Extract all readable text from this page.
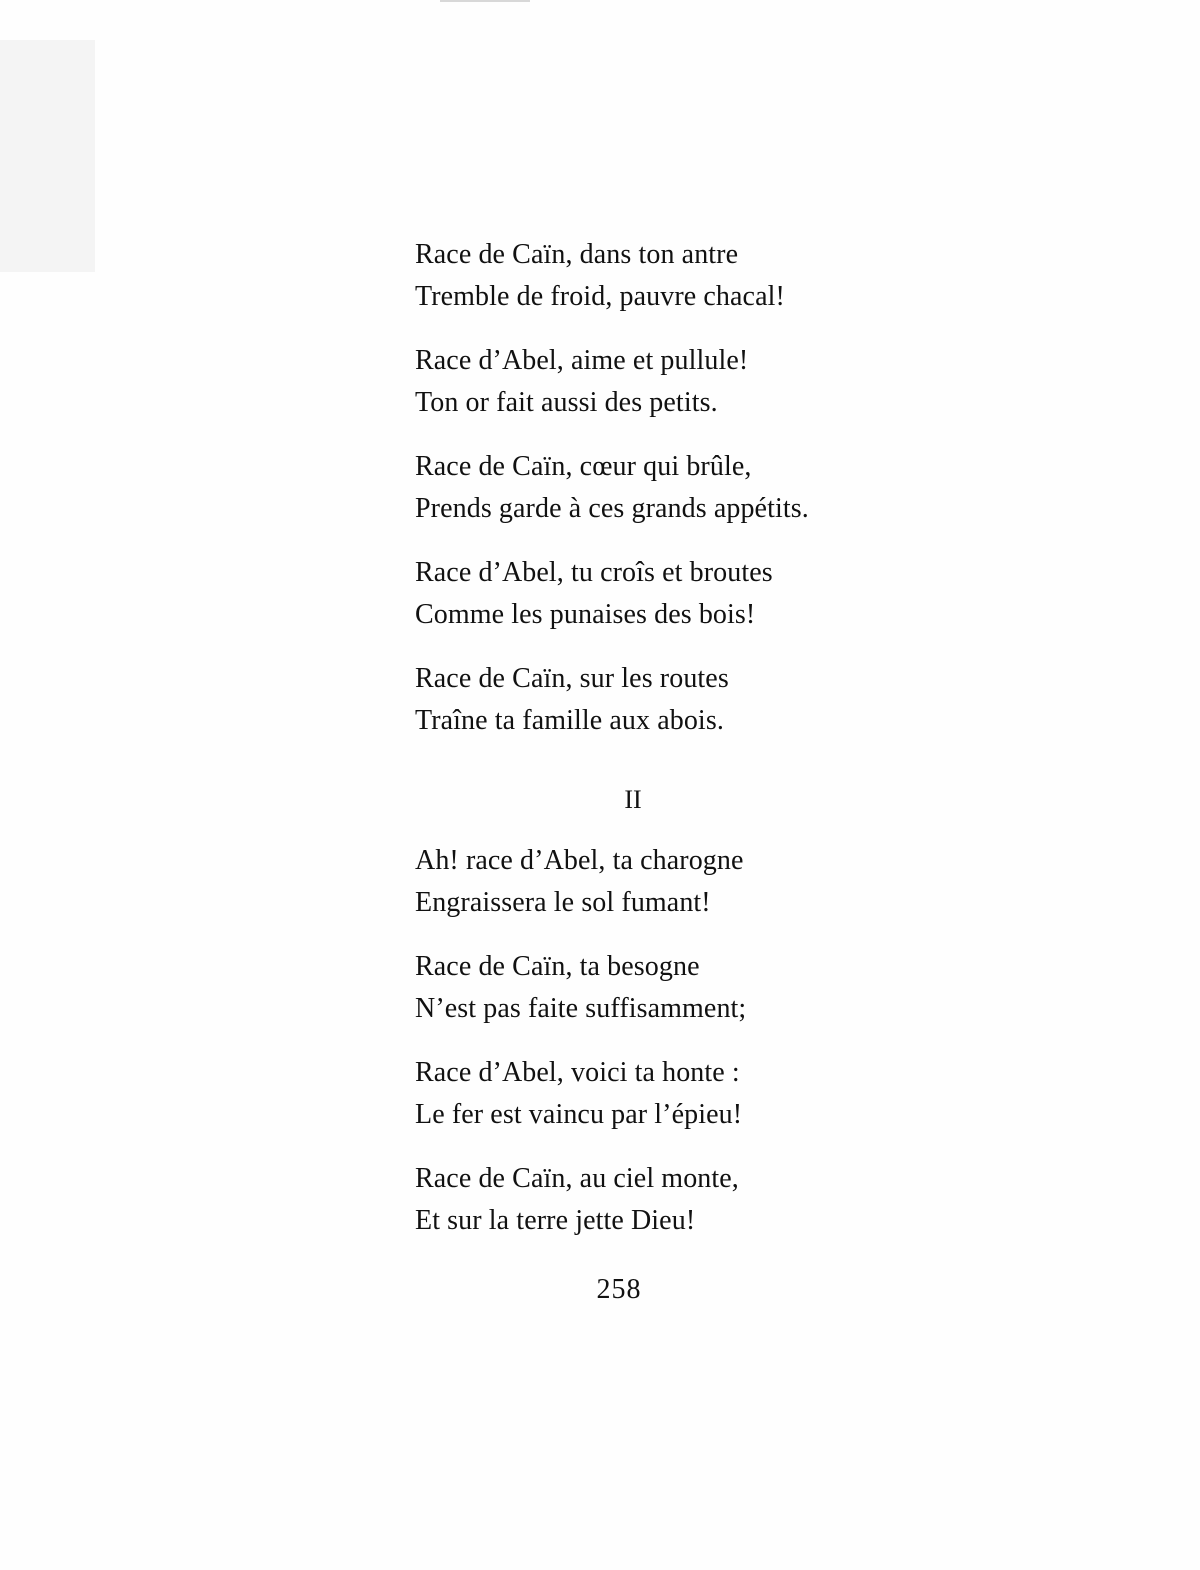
Race de Caïn, dans ton antre
Tremble de froid, pauvre chacal!
Race d’Abel, aime et pullule!
Ton or fait aussi des petits.
Race de Caïn, cœur qui brûle,
Prends garde à ces grands appétits.
Race d’Abel, tu croîs et broutes
Comme les punaises des bois!
Race de Caïn, sur les routes
Traîne ta famille aux abois.
II
Ah! race d’Abel, ta charogne
Engraissera le sol fumant!
Race de Caïn, ta besogne
N’est pas faite suffisamment;
Race d’Abel, voici ta honte :
Le fer est vaincu par l’épieu!
Race de Caïn, au ciel monte,
Et sur la terre jette Dieu!
258
